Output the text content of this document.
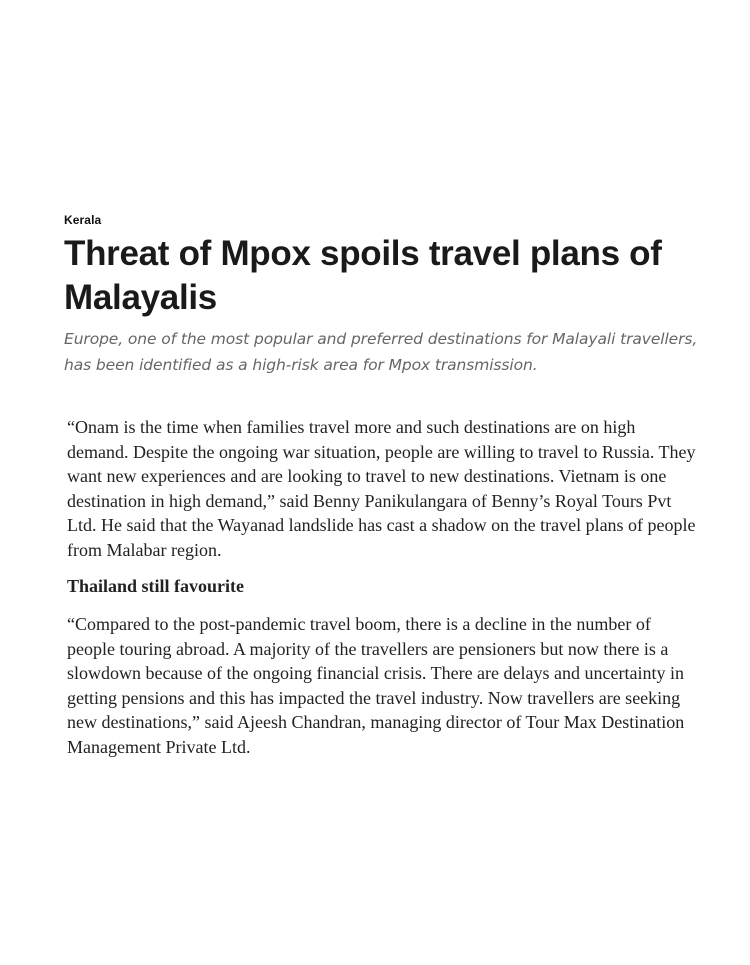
Kerala
Threat of Mpox spoils travel plans of Malayalis

Europe, one of the most popular and preferred destinations for Malayali travellers, has been identified as a high-risk area for Mpox transmission.

“Onam is the time when families travel more and such destinations are on high demand. Despite the ongoing war situation, people are willing to travel to Russia. They want new experiences and are looking to travel to new destinations. Vietnam is one destination in high demand,” said Benny Panikulangara of Benny’s Royal Tours Pvt Ltd. He said that the Wayanad landslide has cast a shadow on the travel plans of people from Malabar region.

Thailand still favourite

“Compared to the post-pandemic travel boom, there is a decline in the number of people touring abroad. A majority of the travellers are pensioners but now there is a slowdown because of the ongoing financial crisis. There are delays and uncertainty in getting pensions and this has impacted the travel industry. Now travellers are seeking new destinations,” said Ajeesh Chandran, managing director of Tour Max Destination Management Private Ltd.
